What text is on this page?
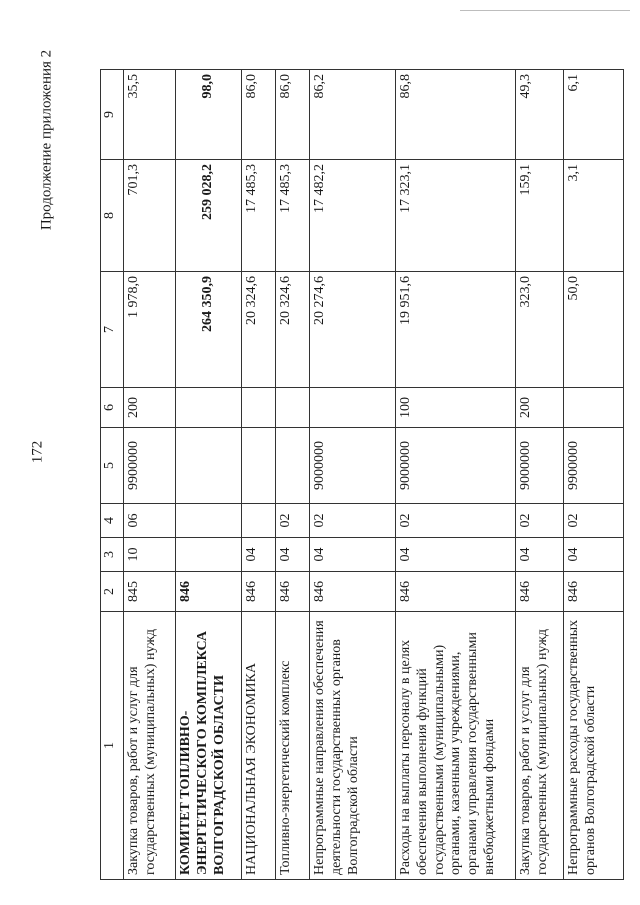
172
Продолжение приложения 2
1	2	3	4	5	6	7	8	9
Закупка товаров, работ и услуг для государственных (муниципальных) нужд	845	10	06	9900000	200	1 978,0	701,3	35,5
КОМИТЕТ ТОПЛИВНО-ЭНЕРГЕТИЧЕСКОГО КОМПЛЕКСА ВОЛГОГРАДСКОЙ ОБЛАСТИ	846					264 350,9	259 028,2	98,0
НАЦИОНАЛЬНАЯ ЭКОНОМИКА	846	04				20 324,6	17 485,3	86,0
Топливно-энергетический комплекс	846	04	02			20 324,6	17 485,3	86,0
Непрограммные направления обеспечения деятельности государственных органов Волгоградской области	846	04	02	9000000		20 274,6	17 482,2	86,2
Расходы на выплаты персоналу в целях обеспечения выполнения функций государственными (муниципальными) органами, казенными учреждениями, органами управления государственными внебюджетными фондами	846	04	02	9000000	100	19 951,6	17 323,1	86,8
Закупка товаров, работ и услуг для государственных (муниципальных) нужд	846	04	02	9000000	200	323,0	159,1	49,3
Непрограммные расходы государственных органов Волгоградской области	846	04	02	9900000		50,0	3,1	6,1
